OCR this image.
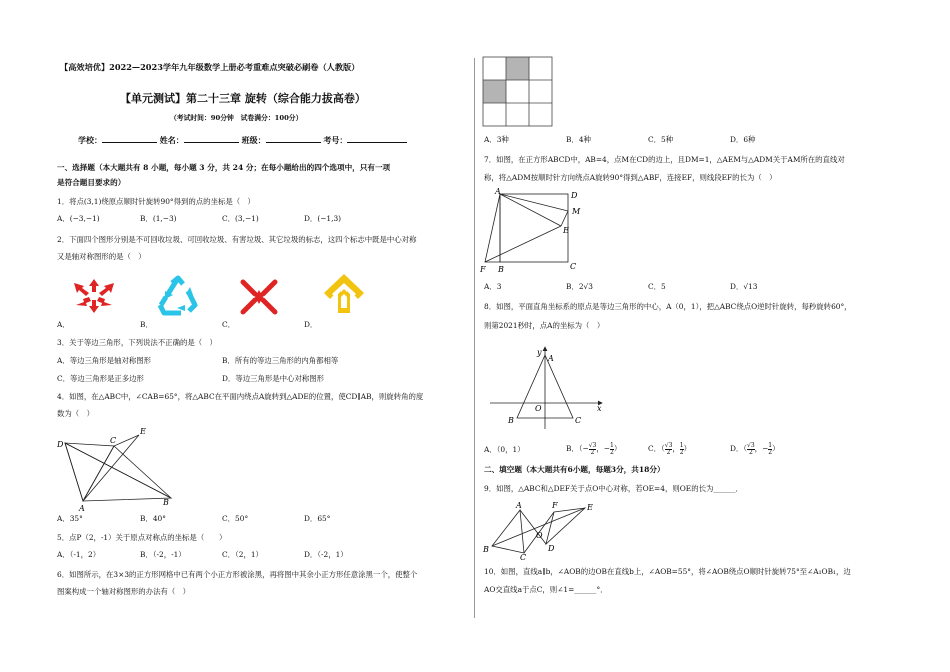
【高效培优】2022—2023学年九年级数学上册必考重难点突破必刷卷（人教版）
【单元测试】第二十三章 旋转（综合能力拔高卷）
（考试时间：90分钟　试卷满分：100分）
学校：	姓名：	班级：	考号：
一、选择题（本大题共有 8 小题，每小题 3 分，共 24 分；在每小题给出的四个选项中，只有一项
是符合题目要求的）
1．将点(3,1)绕原点顺时针旋转90°得到的点的坐标是（　）
A．(−3,−1)	B．(1,−3)	C．(3,−1)	D．(−1,3)
2．下面四个图形分别是不可回收垃圾、可回收垃圾、有害垃圾、其它垃圾的标志，这四个标志中既是中心对称
又是轴对称图形的是（　）
A．	B．	C．	D．
3．关于等边三角形，下列说法不正确的是（　）
A．等边三角形是轴对称图形	B．所有的等边三角形的内角都相等
C．等边三角形是正多边形	D．等边三角形是中心对称图形
4．如图，在△ABC中，∠CAB=65°，将△ABC在平面内绕点A旋转到△ADE的位置，使CD∥AB，则旋转角的度
数为（　）
D	C
E
A
B
A．35°	B．40°	C．50°	D．65°
5．点P（2，-1）关于原点对称点的坐标是（　　）
A．（-1，2）	B．（-2，-1）	C．（2，1）	D．（-2，1）
6．如图所示，在3×3的正方形网格中已有两个小正方形被涂黑，再将图中其余小正方形任意涂黑一个，使整个
图案构成一个轴对称图形的办法有（　）
A．3种	B．4种	C．5种	D．6种
7．如图，在正方形ABCD中，AB=4，点M在CD的边上，且DM=1，△AEM与△ADM关于AM所在的直线对
称，将△ADM按顺时针方向绕点A旋转90°得到△ABF，连接EF，则线段EF的长为（　）
A	D
M
E
F B	C
A．3	B．2√3	C．5	D．√13
8．如图，平面直角坐标系的原点是等边三角形的中心，A（0，1），把△ABC绕点O逆时针旋转，每秒旋转60°，
则第2021秒时，点A的坐标为（　）
y
A
O	x
B	C
A．（0，1）	B．（− $\frac{√3}{2}$ ，− $\frac{1}{2}$ ）	C．（ $\frac{√3}{2}$ ， $\frac{1}{2}$ ）	D．（ $\frac{√3}{2}$ ，− $\frac{1}{2}$ ）
二、填空题（本大题共有6小题，每题3分，共18分）
9．如图，△ABC和△DEF关于点O中心对称，若OE=4，则OE的长为______．
A	F	E
O
D
B
C
10．如图，直线a∥b，∠AOB的边OB在直线b上，∠AOB=55°，将∠AOB绕点O顺时针旋转75°至∠A₁OB₁，边
AO交直线a于点C，则∠1=______°．
